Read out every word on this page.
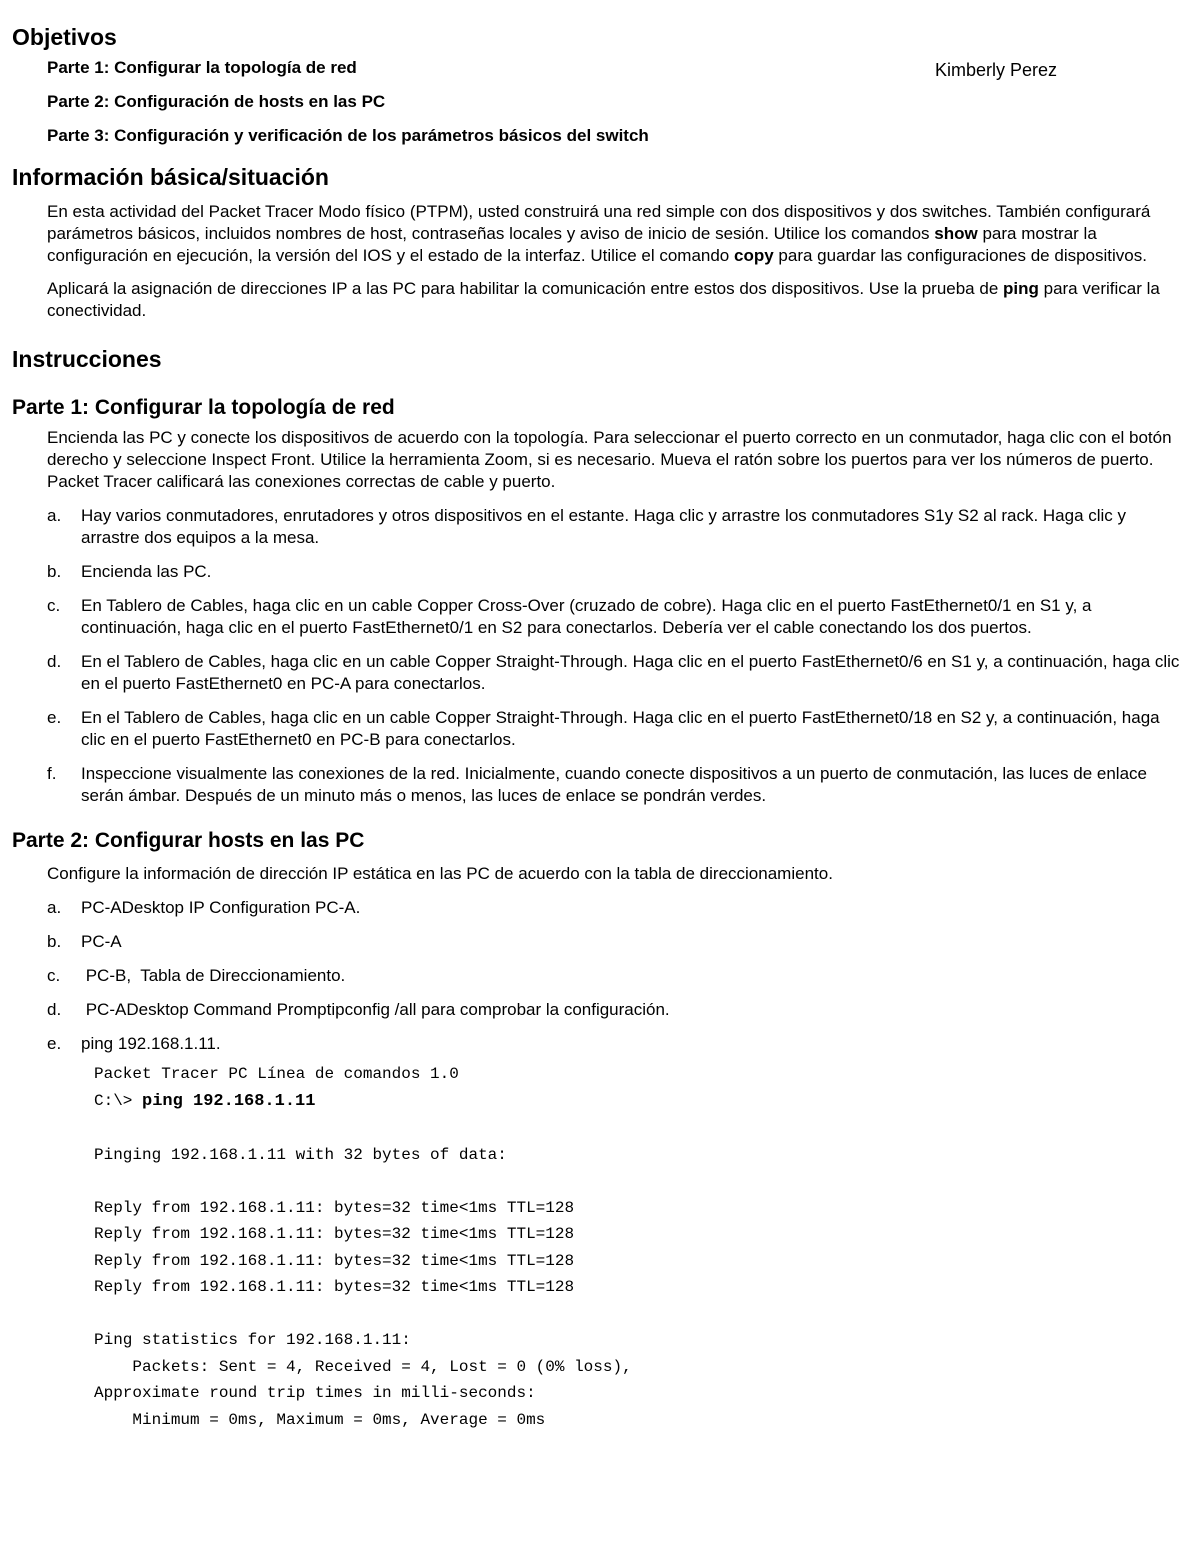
Kimberly Perez
Objetivos
Parte 1: Configurar la topología de red
Parte 2: Configuración de hosts en las PC
Parte 3: Configuración y verificación de los parámetros básicos del switch
Información básica/situación

En esta actividad del Packet Tracer Modo físico (PTPM), usted construirá una red simple con dos dispositivos y dos switches. También configurará parámetros básicos, incluidos nombres de host, contraseñas locales y aviso de inicio de sesión. Utilice los comandos show para mostrar la configuración en ejecución, la versión del IOS y el estado de la interfaz. Utilice el comando copy para guardar las configuraciones de dispositivos.

Aplicará la asignación de direcciones IP a las PC para habilitar la comunicación entre estos dos dispositivos. Use la prueba de ping para verificar la conectividad.

Instrucciones
Parte 1: Configurar la topología de red

Encienda las PC y conecte los dispositivos de acuerdo con la topología. Para seleccionar el puerto correcto en un conmutador, haga clic con el botón derecho y seleccione Inspect Front. Utilice la herramienta Zoom, si es necesario. Mueva el ratón sobre los puertos para ver los números de puerto. Packet Tracer calificará las conexiones correctas de cable y puerto.

a. Hay varios conmutadores, enrutadores y otros dispositivos en el estante. Haga clic y arrastre los conmutadores S1y S2 al rack. Haga clic y arrastre dos equipos a la mesa.
b. Encienda las PC.
c. En Tablero de Cables, haga clic en un cable Copper Cross-Over (cruzado de cobre). Haga clic en el puerto FastEthernet0/1 en S1 y, a continuación, haga clic en el puerto FastEthernet0/1 en S2 para conectarlos. Debería ver el cable conectando los dos puertos.
d. En el Tablero de Cables, haga clic en un cable Copper Straight-Through. Haga clic en el puerto FastEthernet0/6 en S1 y, a continuación, haga clic en el puerto FastEthernet0 en PC-A para conectarlos.
e. En el Tablero de Cables, haga clic en un cable Copper Straight-Through. Haga clic en el puerto FastEthernet0/18 en S2 y, a continuación, haga clic en el puerto FastEthernet0 en PC-B para conectarlos.
f. Inspeccione visualmente las conexiones de la red. Inicialmente, cuando conecte dispositivos a un puerto de conmutación, las luces de enlace serán ámbar. Después de un minuto más o menos, las luces de enlace se pondrán verdes.
Parte 2: Configurar hosts en las PC

Configure la información de dirección IP estática en las PC de acuerdo con la tabla de direccionamiento.

a. PC-ADesktop IP Configuration PC-A.
b. PC-A
c. PC-B,  Tabla de Direccionamiento.
d. PC-ADesktop Command Promptipconfig /all para comprobar la configuración.
e. ping 192.168.1.11.
Packet Tracer PC Línea de comandos 1.0
C:\> ping 192.168.1.11
Pinging 192.168.1.11 with 32 bytes of data:
Reply from 192.168.1.11: bytes=32 time<1ms TTL=128
Reply from 192.168.1.11: bytes=32 time<1ms TTL=128
Reply from 192.168.1.11: bytes=32 time<1ms TTL=128
Reply from 192.168.1.11: bytes=32 time<1ms TTL=128
Ping statistics for 192.168.1.11:
Packets: Sent = 4, Received = 4, Lost = 0 (0% loss),
Approximate round trip times in milli-seconds:
Minimum = 0ms, Maximum = 0ms, Average = 0ms
